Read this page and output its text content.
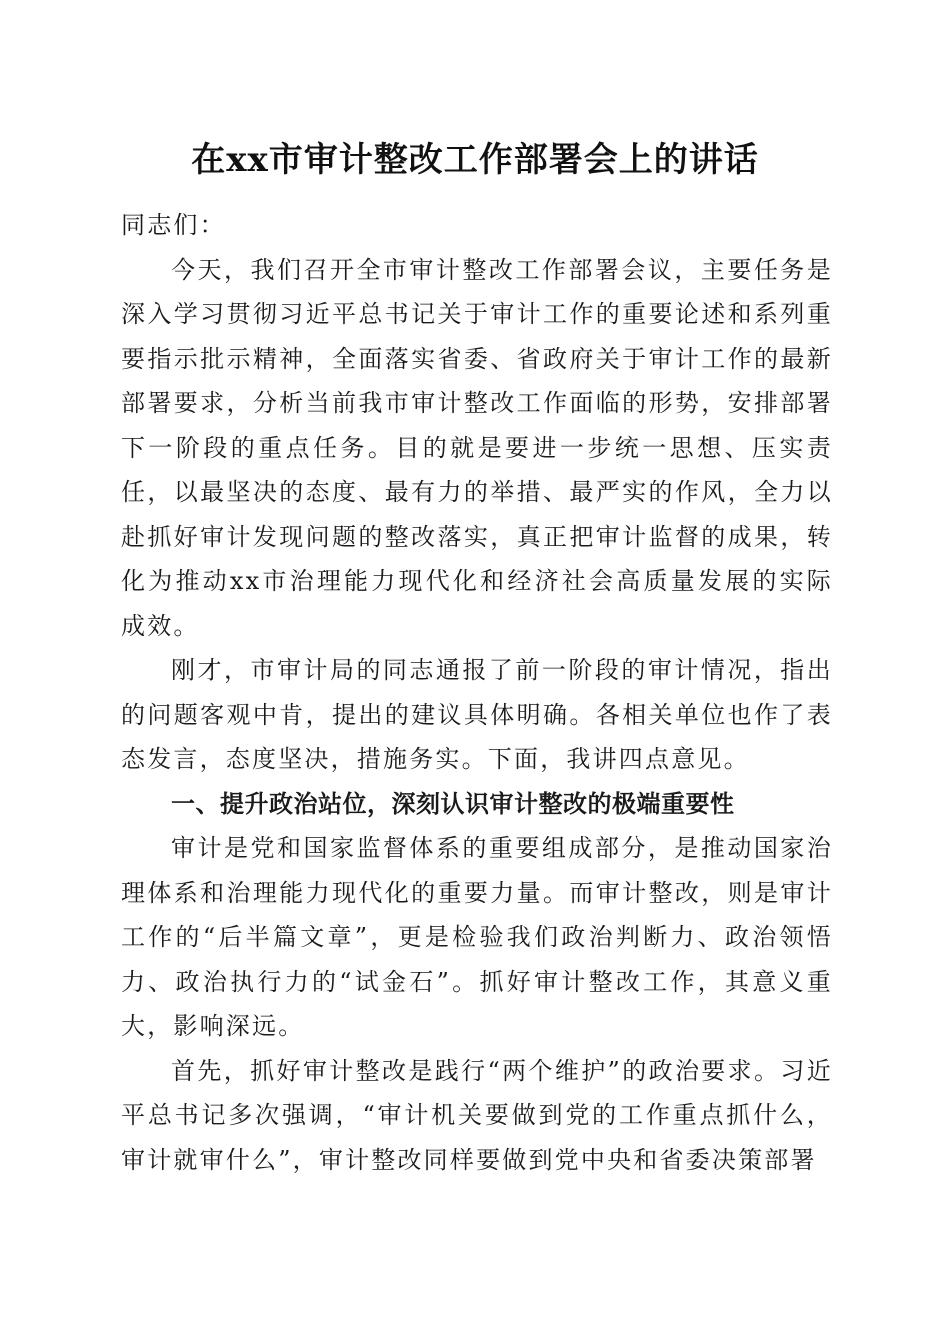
在xx市审计整改工作部署会上的讲话

同志们：

今天，我们召开全市审计整改工作部署会议，主要任务是深入学习贯彻习近平总书记关于审计工作的重要论述和系列重要指示批示精神，全面落实省委、省政府关于审计工作的最新部署要求，分析当前我市审计整改工作面临的形势，安排部署下一阶段的重点任务。目的就是要进一步统一思想、压实责任，以最坚决的态度、最有力的举措、最严实的作风，全力以赴抓好审计发现问题的整改落实，真正把审计监督的成果，转化为推动xx市治理能力现代化和经济社会高质量发展的实际成效。

刚才，市审计局的同志通报了前一阶段的审计情况，指出的问题客观中肯，提出的建议具体明确。各相关单位也作了表态发言，态度坚决，措施务实。下面，我讲四点意见。

一、提升政治站位，深刻认识审计整改的极端重要性

审计是党和国家监督体系的重要组成部分，是推动国家治理体系和治理能力现代化的重要力量。而审计整改，则是审计工作的“后半篇文章”，更是检验我们政治判断力、政治领悟力、政治执行力的“试金石”。抓好审计整改工作，其意义重大，影响深远。

首先，抓好审计整改是践行“两个维护”的政治要求。习近平总书记多次强调，“审计机关要做到党的工作重点抓什么，审计就审什么”，审计整改同样要做到党中央和省委决策部署
